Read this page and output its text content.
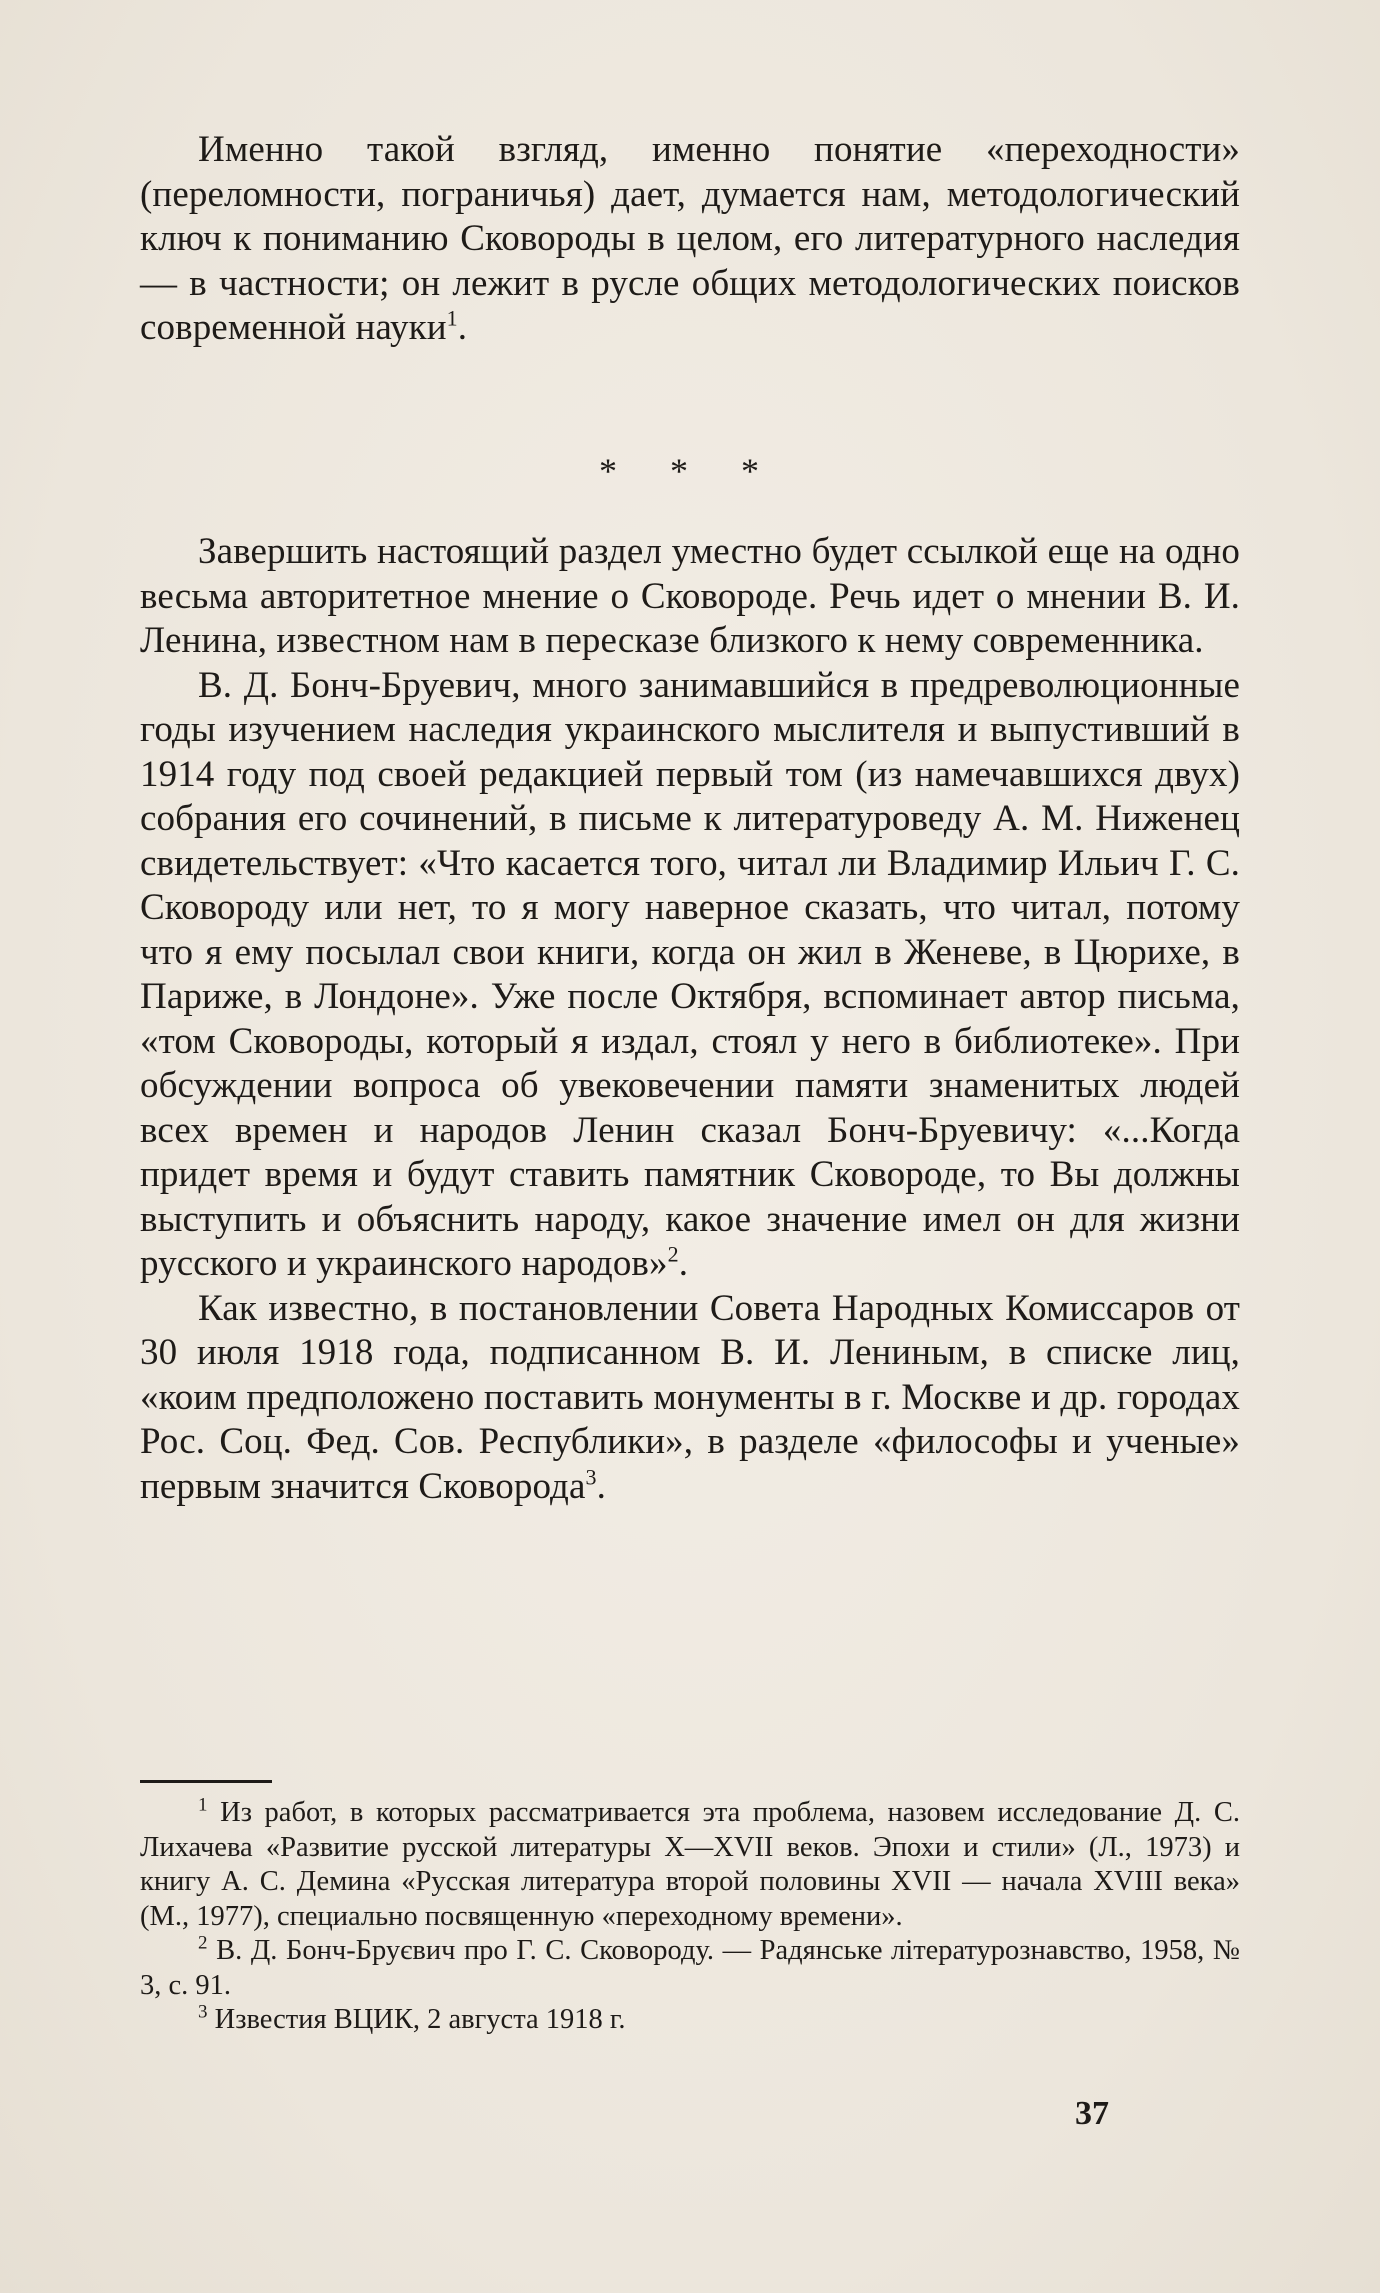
Именно такой взгляд, именно понятие «переходности» (переломности, пограничья) дает, думается нам, методологический ключ к пониманию Сковороды в целом, его литературного наследия — в частности; он лежит в русле общих методологических поисков современной науки$^1$.

* * *

Завершить настоящий раздел уместно будет ссылкой еще на одно весьма авторитетное мнение о Сковороде. Речь идет о мнении В. И. Ленина, известном нам в пересказе близкого к нему современника.

В. Д. Бонч-Бруевич, много занимавшийся в предреволюционные годы изучением наследия украинского мыслителя и выпустивший в 1914 году под своей редакцией первый том (из намечавшихся двух) собрания его сочинений, в письме к литературоведу А. М. Ниженец свидетельствует: «Что касается того, читал ли Владимир Ильич Г. С. Сковороду или нет, то я могу наверное сказать, что читал, потому что я ему посылал свои книги, когда он жил в Женеве, в Цюрихе, в Париже, в Лондоне». Уже после Октября, вспоминает автор письма, «том Сковороды, который я издал, стоял у него в библиотеке». При обсуждении вопроса об увековечении памяти знаменитых людей всех времен и народов Ленин сказал Бонч-Бруевичу: «...Когда придет время и будут ставить памятник Сковороде, то Вы должны выступить и объяснить народу, какое значение имел он для жизни русского и украинского народов»$^2$.

Как известно, в постановлении Совета Народных Комиссаров от 30 июля 1918 года, подписанном В. И. Лениным, в списке лиц, «коим предположено поставить монументы в г. Москве и др. городах Рос. Соц. Фед. Сов. Республики», в разделе «философы и ученые» первым значится Сковорода$^3$.

$^1$ Из работ, в которых рассматривается эта проблема, назовем исследование Д. С. Лихачева «Развитие русской литературы X—XVII веков. Эпохи и стили» (Л., 1973) и книгу А. С. Демина «Русская литература второй половины XVII — начала XVIII века» (М., 1977), специально посвященную «переходному времени».

$^2$ В. Д. Бонч-Бруєвич про Г. С. Сковороду. — Радянське літературознавство, 1958, № 3, с. 91.

$^3$ Известия ВЦИК, 2 августа 1918 г.

37
